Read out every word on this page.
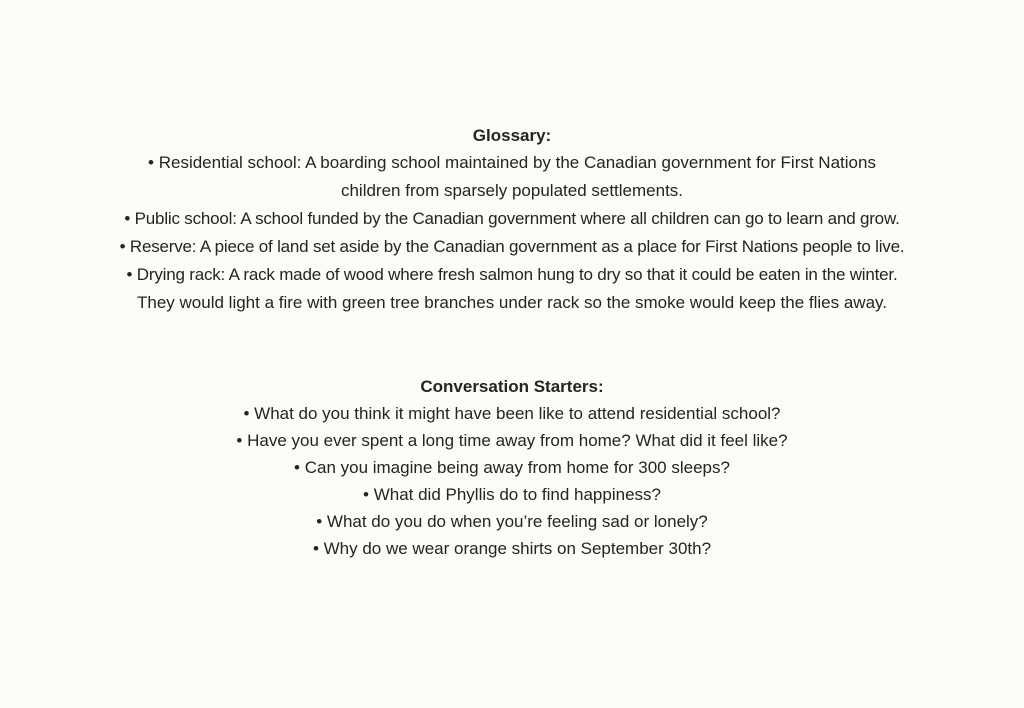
Glossary:
• Residential school: A boarding school maintained by the Canadian government for First Nations
children from sparsely populated settlements.
• Public school: A school funded by the Canadian government where all children can go to learn and grow.
• Reserve: A piece of land set aside by the Canadian government as a place for First Nations people to live.
• Drying rack: A rack made of wood where fresh salmon hung to dry so that it could be eaten in the winter.
They would light a fire with green tree branches under rack so the smoke would keep the flies away.
Conversation Starters:
• What do you think it might have been like to attend residential school?
• Have you ever spent a long time away from home? What did it feel like?
• Can you imagine being away from home for 300 sleeps?
• What did Phyllis do to find happiness?
• What do you do when you’re feeling sad or lonely?
• Why do we wear orange shirts on September 30th?
